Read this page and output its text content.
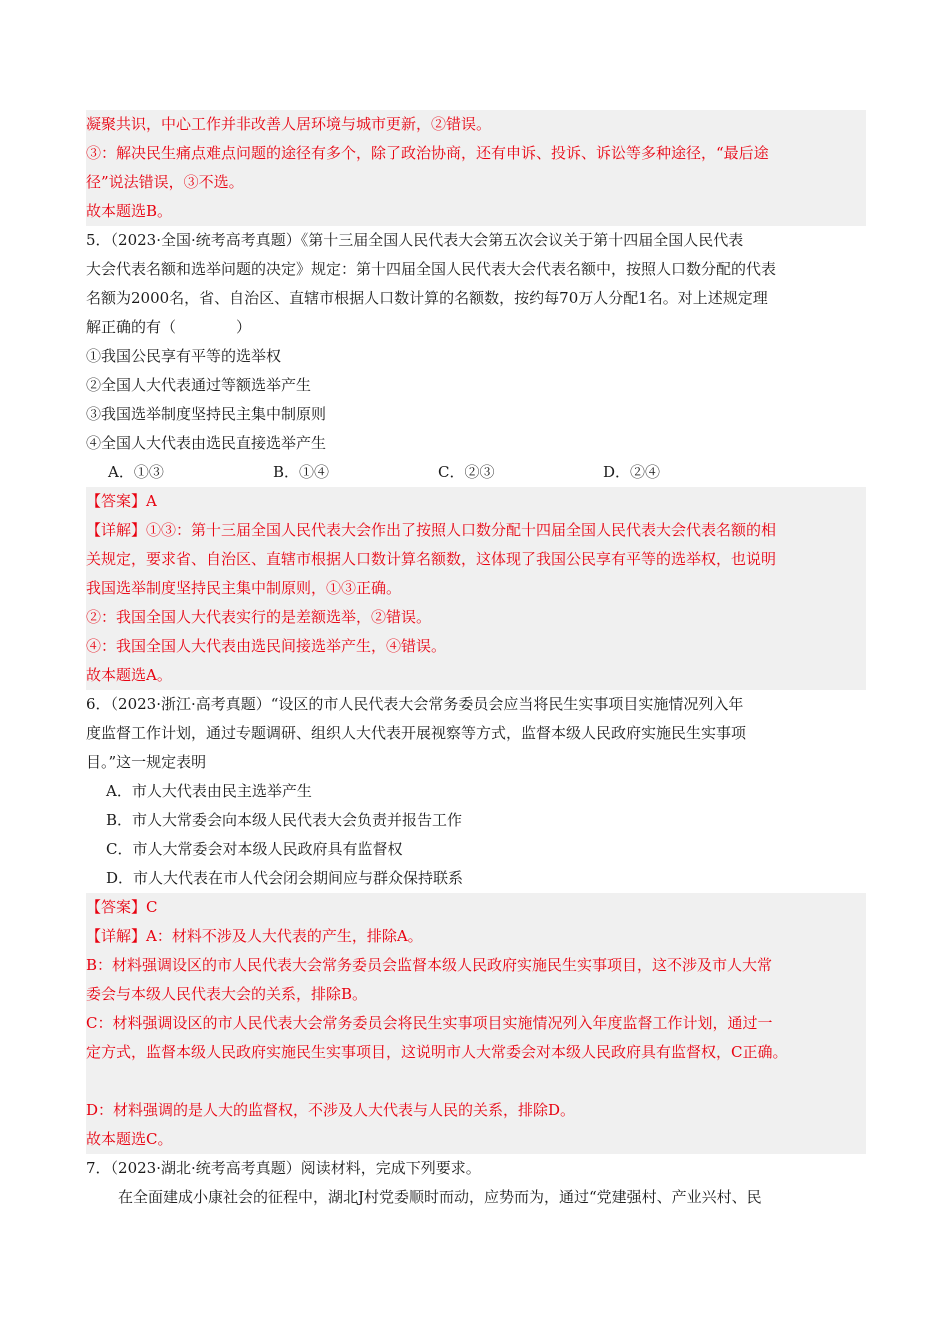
凝聚共识，中心工作并非改善人居环境与城市更新，②错误。
③：解决民生痛点难点问题的途径有多个，除了政治协商，还有申诉、投诉、诉讼等多种途径，“最后途
径”说法错误，③不选。
故本题选B。
5．（2023·全国·统考高考真题）《第十三届全国人民代表大会第五次会议关于第十四届全国人民代表
大会代表名额和选举问题的决定》规定：第十四届全国人民代表大会代表名额中，按照人口数分配的代表
名额为2000名，省、自治区、直辖市根据人口数计算的名额数，按约每70万人分配1名。对上述规定理
解正确的有（　　　　）
①我国公民享有平等的选举权
②全国人大代表通过等额选举产生
③我国选举制度坚持民主集中制原则
④全国人大代表由选民直接选举产生
A．①③	B．①④	C．②③	D．②④
【答案】A
【详解】①③：第十三届全国人民代表大会作出了按照人口数分配十四届全国人民代表大会代表名额的相
关规定，要求省、自治区、直辖市根据人口数计算名额数，这体现了我国公民享有平等的选举权，也说明
我国选举制度坚持民主集中制原则，①③正确。
②：我国全国人大代表实行的是差额选举，②错误。
④：我国全国人大代表由选民间接选举产生，④错误。
故本题选A。
6．（2023·浙江·高考真题）“设区的市人民代表大会常务委员会应当将民生实事项目实施情况列入年
度监督工作计划，通过专题调研、组织人大代表开展视察等方式，监督本级人民政府实施民生实事项
目。”这一规定表明
A．市人大代表由民主选举产生
B．市人大常委会向本级人民代表大会负责并报告工作
C．市人大常委会对本级人民政府具有监督权
D．市人大代表在市人代会闭会期间应与群众保持联系
【答案】C
【详解】A：材料不涉及人大代表的产生，排除A。
B：材料强调设区的市人民代表大会常务委员会监督本级人民政府实施民生实事项目，这不涉及市人大常
委会与本级人民代表大会的关系，排除B。
C：材料强调设区的市人民代表大会常务委员会将民生实事项目实施情况列入年度监督工作计划，通过一
定方式，监督本级人民政府实施民生实事项目，这说明市人大常委会对本级人民政府具有监督权，C正确。
D：材料强调的是人大的监督权，不涉及人大代表与人民的关系，排除D。
故本题选C。
7．（2023·湖北·统考高考真题）阅读材料，完成下列要求。
在全面建成小康社会的征程中，湖北J村党委顺时而动，应势而为，通过“党建强村、产业兴村、民
